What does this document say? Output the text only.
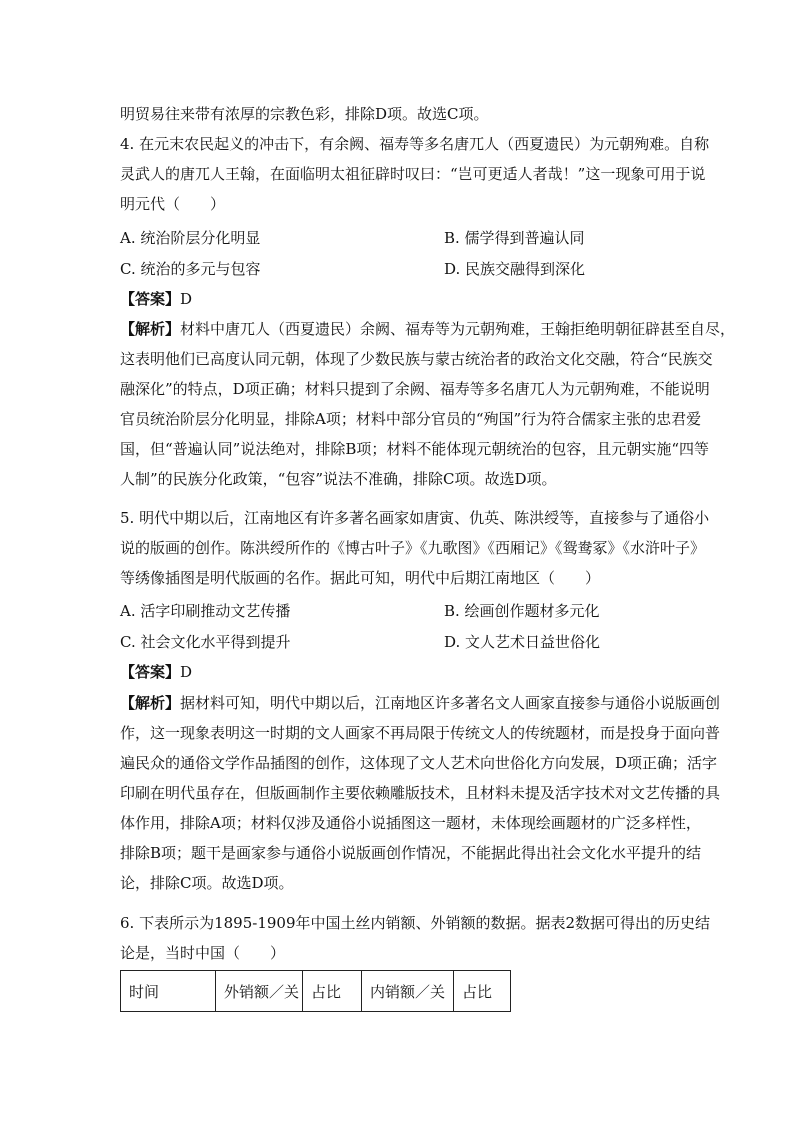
明贸易往来带有浓厚的宗教色彩，排除D项。故选C项。
4. 在元末农民起义的冲击下，有余阙、福寿等多名唐兀人（西夏遗民）为元朝殉难。自称
灵武人的唐兀人王翰，在面临明太祖征辟时叹曰：“岂可更适人者哉！”这一现象可用于说
明元代（　　）
A. 统治阶层分化明显	B. 儒学得到普遍认同
C. 统治的多元与包容	D. 民族交融得到深化
【答案】D
【解析】材料中唐兀人（西夏遗民）余阙、福寿等为元朝殉难，王翰拒绝明朝征辟甚至自尽，
这表明他们已高度认同元朝，体现了少数民族与蒙古统治者的政治文化交融，符合“民族交
融深化”的特点，D项正确；材料只提到了余阙、福寿等多名唐兀人为元朝殉难，不能说明
官员统治阶层分化明显，排除A项；材料中部分官员的“殉国”行为符合儒家主张的忠君爱
国，但“普遍认同”说法绝对，排除B项；材料不能体现元朝统治的包容，且元朝实施“四等
人制”的民族分化政策，“包容”说法不准确，排除C项。故选D项。
5. 明代中期以后，江南地区有许多著名画家如唐寅、仇英、陈洪绶等，直接参与了通俗小
说的版画的创作。陈洪绶所作的《博古叶子》《九歌图》《西厢记》《鸳鸯冢》《水浒叶子》
等绣像插图是明代版画的名作。据此可知，明代中后期江南地区（　　）
A. 活字印刷推动文艺传播	B. 绘画创作题材多元化
C. 社会文化水平得到提升	D. 文人艺术日益世俗化
【答案】D
【解析】据材料可知，明代中期以后，江南地区许多著名文人画家直接参与通俗小说版画创
作，这一现象表明这一时期的文人画家不再局限于传统文人的传统题材，而是投身于面向普
遍民众的通俗文学作品插图的创作，这体现了文人艺术向世俗化方向发展，D项正确；活字
印刷在明代虽存在，但版画制作主要依赖雕版技术，且材料未提及活字技术对文艺传播的具
体作用，排除A项；材料仅涉及通俗小说插图这一题材，未体现绘画题材的广泛多样性，
排除B项；题干是画家参与通俗小说版画创作情况，不能据此得出社会文化水平提升的结
论，排除C项。故选D项。
6. 下表所示为1895-1909年中国土丝内销额、外销额的数据。据表2数据可得出的历史结
论是，当时中国（　　）
时间	外销额／关	占比	内销额／关	占比
